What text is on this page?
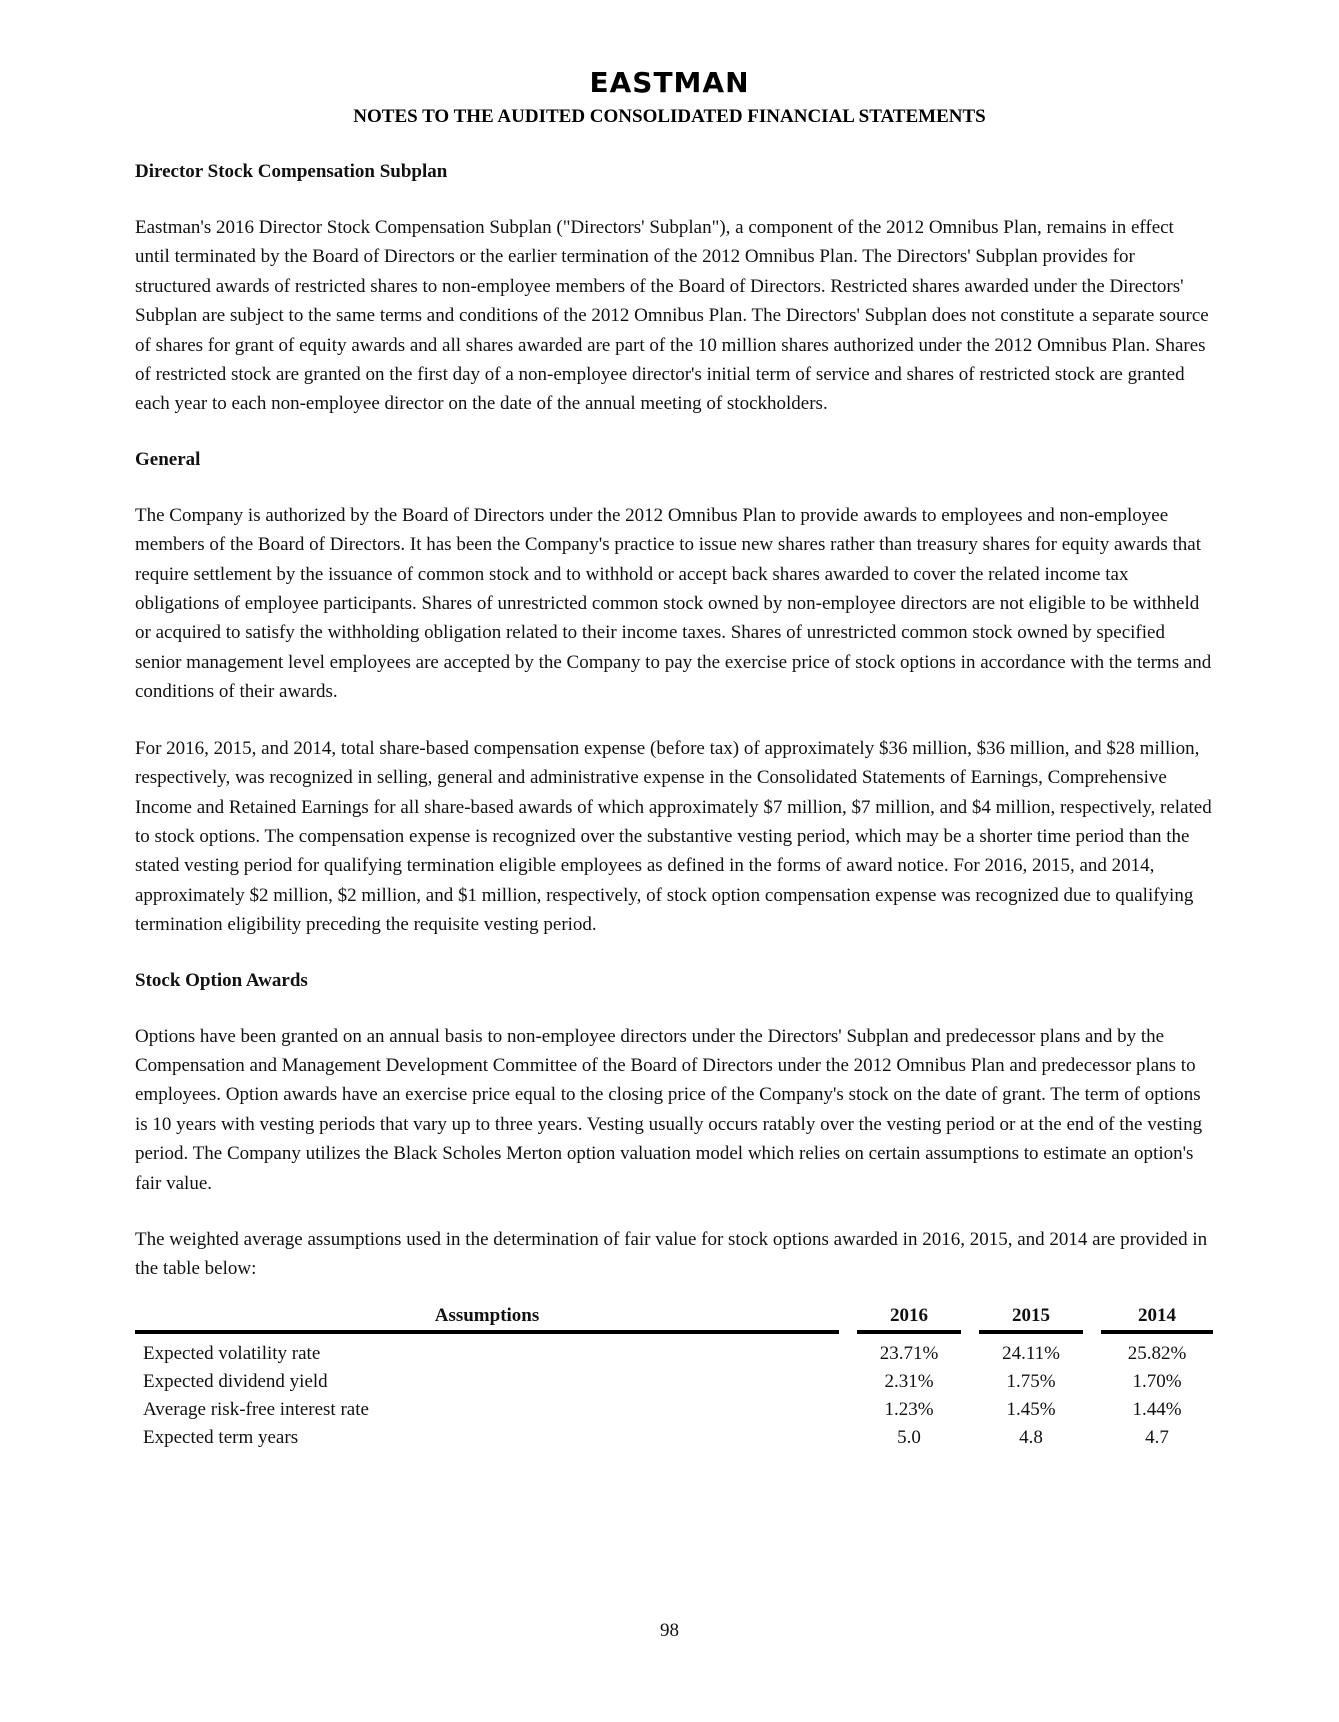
EASTMAN
NOTES TO THE AUDITED CONSOLIDATED FINANCIAL STATEMENTS
Director Stock Compensation Subplan

Eastman's 2016 Director Stock Compensation Subplan ("Directors' Subplan"), a component of the 2012 Omnibus Plan, remains in effect until terminated by the Board of Directors or the earlier termination of the 2012 Omnibus Plan. The Directors' Subplan provides for structured awards of restricted shares to non-employee members of the Board of Directors. Restricted shares awarded under the Directors' Subplan are subject to the same terms and conditions of the 2012 Omnibus Plan. The Directors' Subplan does not constitute a separate source of shares for grant of equity awards and all shares awarded are part of the 10 million shares authorized under the 2012 Omnibus Plan. Shares of restricted stock are granted on the first day of a non-employee director's initial term of service and shares of restricted stock are granted each year to each non-employee director on the date of the annual meeting of stockholders.

General

The Company is authorized by the Board of Directors under the 2012 Omnibus Plan to provide awards to employees and non-employee members of the Board of Directors. It has been the Company's practice to issue new shares rather than treasury shares for equity awards that require settlement by the issuance of common stock and to withhold or accept back shares awarded to cover the related income tax obligations of employee participants. Shares of unrestricted common stock owned by non-employee directors are not eligible to be withheld or acquired to satisfy the withholding obligation related to their income taxes. Shares of unrestricted common stock owned by specified senior management level employees are accepted by the Company to pay the exercise price of stock options in accordance with the terms and conditions of their awards.

For 2016, 2015, and 2014, total share-based compensation expense (before tax) of approximately $36 million, $36 million, and $28 million, respectively, was recognized in selling, general and administrative expense in the Consolidated Statements of Earnings, Comprehensive Income and Retained Earnings for all share-based awards of which approximately $7 million, $7 million, and $4 million, respectively, related to stock options. The compensation expense is recognized over the substantive vesting period, which may be a shorter time period than the stated vesting period for qualifying termination eligible employees as defined in the forms of award notice. For 2016, 2015, and 2014, approximately $2 million, $2 million, and $1 million, respectively, of stock option compensation expense was recognized due to qualifying termination eligibility preceding the requisite vesting period.

Stock Option Awards

Options have been granted on an annual basis to non-employee directors under the Directors' Subplan and predecessor plans and by the Compensation and Management Development Committee of the Board of Directors under the 2012 Omnibus Plan and predecessor plans to employees. Option awards have an exercise price equal to the closing price of the Company's stock on the date of grant. The term of options is 10 years with vesting periods that vary up to three years. Vesting usually occurs ratably over the vesting period or at the end of the vesting period. The Company utilizes the Black Scholes Merton option valuation model which relies on certain assumptions to estimate an option's fair value.

The weighted average assumptions used in the determination of fair value for stock options awarded in 2016, 2015, and 2014 are provided in the table below:

Assumptions		2016		2015		2014
Expected volatility rate		23.71%		24.11%		25.82%
Expected dividend yield		2.31%		1.75%		1.70%
Average risk-free interest rate		1.23%		1.45%		1.44%
Expected term years		5.0		4.8		4.7
98
